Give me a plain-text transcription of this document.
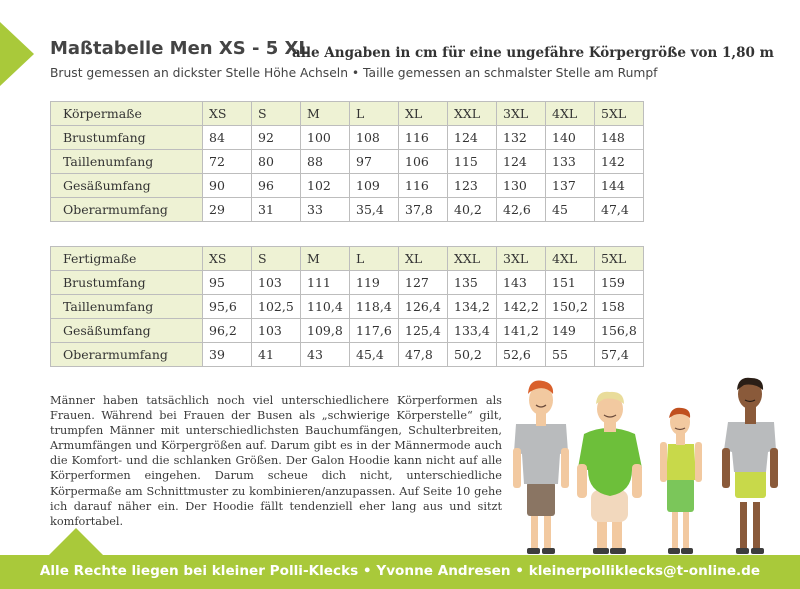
Maßtabelle Men XS - 5 XL
alle Angaben in cm für eine ungefähre Körpergröße von 1,80 m
Brust gemessen an dickster Stelle Höhe Achseln • Taille gemessen an schmalster Stelle am Rumpf
Körpermaße	XS	S	M	L	XL	XXL	3XL	4XL	5XL
Brustumfang	84	92	100	108	116	124	132	140	148
Taillenumfang	72	80	88	97	106	115	124	133	142
Gesäßumfang	90	96	102	109	116	123	130	137	144
Oberarmumfang	29	31	33	35,4	37,8	40,2	42,6	45	47,4
Fertigmaße	XS	S	M	L	XL	XXL	3XL	4XL	5XL
Brustumfang	95	103	111	119	127	135	143	151	159
Taillenumfang	95,6	102,5	110,4	118,4	126,4	134,2	142,2	150,2	158
Gesäßumfang	96,2	103	109,8	117,6	125,4	133,4	141,2	149	156,8
Oberarmumfang	39	41	43	45,4	47,8	50,2	52,6	55	57,4
Männer haben tatsächlich noch viel unterschiedlichere Körperformen als Frauen. Während bei Frauen der Busen als „schwierige Körperstelle“ gilt, trumpfen Männer mit unterschiedlichsten Bauchumfängen, Schulterbreiten, Armumfängen und Körpergrößen auf. Darum gibt es in der Männermode auch die Komfort- und die schlanken Größen. Der Galon Hoodie kann nicht auf alle Körperformen eingehen. Darum scheue dich nicht, unterschiedliche Körpermaße am Schnittmuster zu kombinieren/anzupassen. Auf Seite 10 gehe ich darauf näher ein. Der Hoodie fällt tendenziell eher lang aus und sitzt komfortabel.
Alle Rechte liegen bei kleiner Polli-Klecks • Yvonne Andresen • kleinerpolliklecks@t-online.de
